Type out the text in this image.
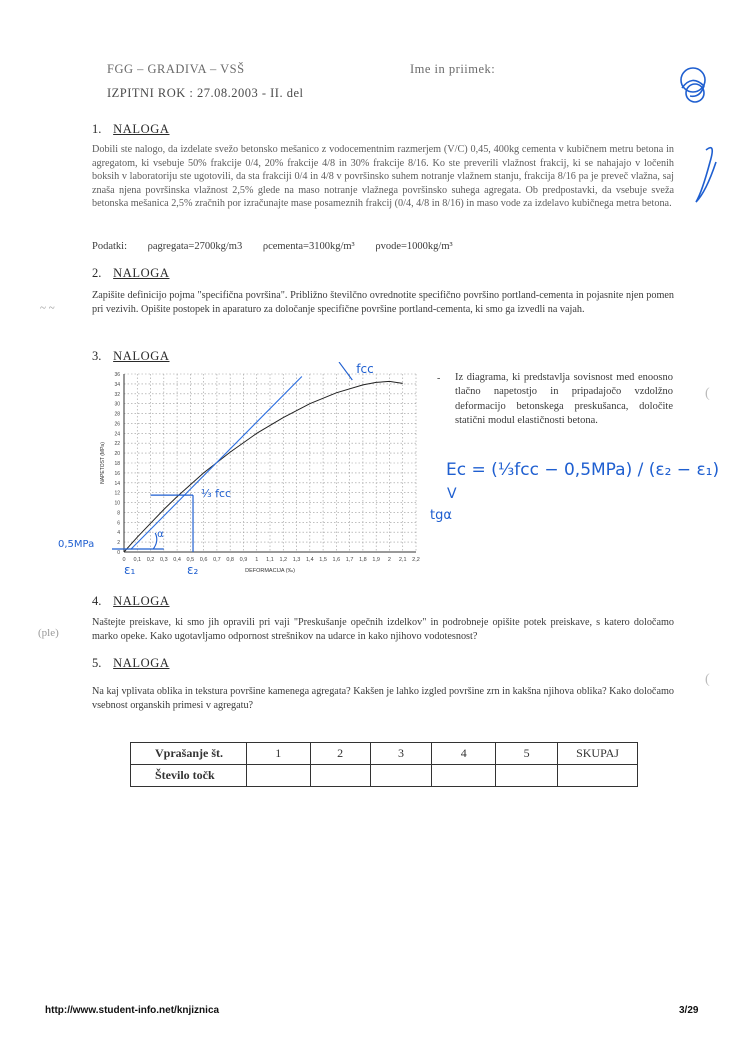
FGG – GRADIVA – VSŠ	Ime in priimek:
IZPITNI ROK : 27.08.2003 - II. del
1. NALOGA
Dobili ste nalogo, da izdelate svežo betonsko mešanico z vodocementnim razmerjem (V/C) 0,45, 400kg cementa v kubičnem metru betona in agregatom, ki vsebuje 50% frakcije 0/4, 20% frakcije 4/8 in 30% frakcije 8/16. Ko ste preverili vlažnost frakcij, ki se nahajajo v ločenih boksih v laboratoriju ste ugotovili, da sta frakciji 0/4 in 4/8 v površinsko suhem notranje vlažnem stanju, frakcija 8/16 pa je preveč vlažna, saj znaša njena površinska vlažnost 2,5% glede na maso notranje vlažnega površinsko suhega agregata. Ob predpostavki, da vsebuje sveža betonska mešanica 2,5% zračnih por izračunajte mase posameznih frakcij (0/4, 4/8 in 8/16) in maso vode za izdelavo kubičnega metra betona.
Podatki: ρagregata=2700kg/m3 ρcementa=3100kg/m³ ρvode=1000kg/m³
2. NALOGA
~ ~
Zapišite definicijo pojma "specifična površina". Približno številčno ovrednotite specifično površino portland-cementa in pojasnite njen pomen pri vezivih. Opišite postopek in aparaturo za določanje specifične površine portland-cementa, ki smo ga izvedli na vajah.
3. NALOGA
- Iz diagrama, ki predstavlja sovisnost med enoosno tlačno napetostjo in pripadajočo vzdolžno deformacijo betonskega preskušanca, določite statični modul elastičnosti betona.
0 0,1 0,2 0,3 0,4 0,5 0,6 0,7 0,8 0,9 1 1,1 1,2 1,3 1,4 1,5 1,6 1,7 1,8 1,9 2 2,1 2,2
0
2
4
6
8
10
12
14
16
18
20
22
24
26
28
30
32
34
36
DEFORMACIJA (‰)
NAPETOST (MPa)
α
⅓ fcc
fcc
0,5MPa
ε₁	ε₂
Ec = (⅓fcc − 0,5MPa) / (ε₂ − ε₁)
V
tgα
4. NALOGA
(ple)
Naštejte preiskave, ki smo jih opravili pri vaji "Preskušanje opečnih izdelkov" in podrobneje opišite potek preiskave, s katero določamo marko opeke. Kako ugotavljamo odpornost strešnikov na udarce in kako njihovo vodotesnost?
5. NALOGA
Na kaj vplivata oblika in tekstura površine kamenega agregata? Kakšen je lahko izgled površine zrn in kakšna njihova oblika? Kako določamo vsebnost organskih primesi v agregatu?
Vprašanje št.	1	2	3	4	5	SKUPAJ
Število točk						
(
(
http://www.student-info.net/knjiznica	3/29
